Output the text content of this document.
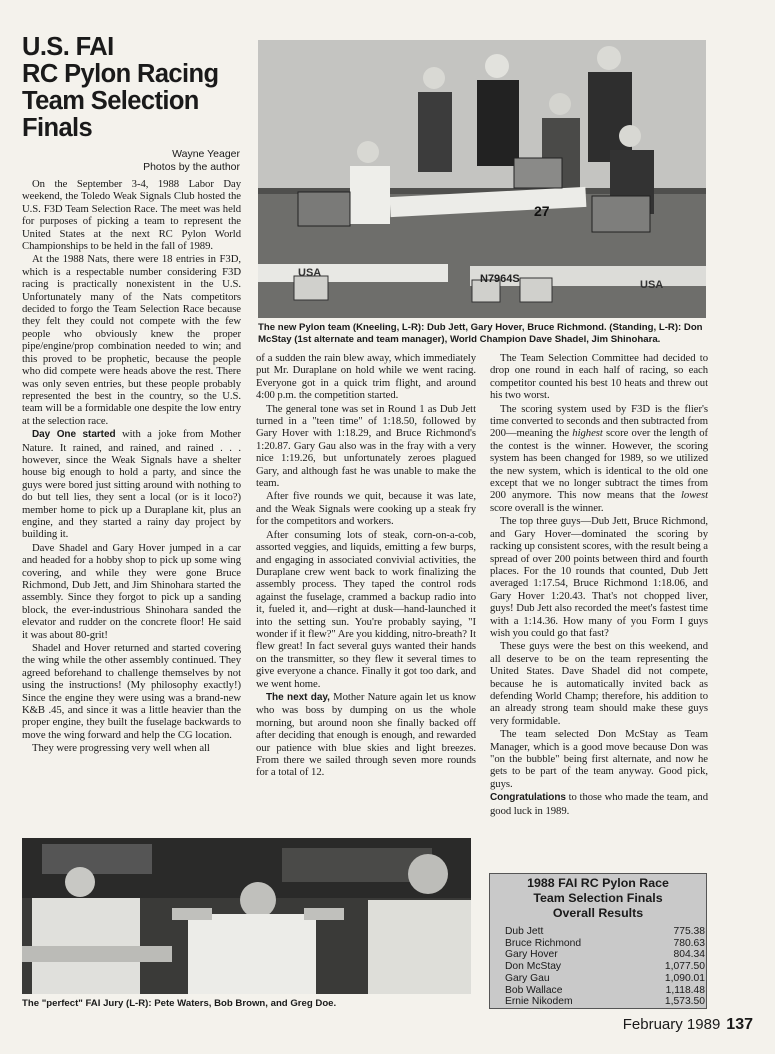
U.S. FAI
RC Pylon Racing
Team Selection
Finals
Wayne Yeager
Photos by the author
USA	N7964S
27
USA

The new Pylon team (Kneeling, L-R): Dub Jett, Gary Hover, Bruce Richmond. (Standing, L-R): Don McStay (1st alternate and team manager), World Champion Dave Shadel, Jim Shinohara.

On the September 3-4, 1988 Labor Day weekend, the Toledo Weak Signals Club hosted the U.S. F3D Team Selection Race. The meet was held for purposes of picking a team to represent the United States at the next RC Pylon World Championships to be held in the fall of 1989.

At the 1988 Nats, there were 18 entries in F3D, which is a respectable number considering F3D racing is practically nonexistent in the U.S. Unfortunately many of the Nats competitors decided to forgo the Team Selection Race because they felt they could not compete with the few people who obviously knew the proper pipe/engine/prop combination needed to win; and this proved to be prophetic, because the people who did compete were heads above the rest. There was only seven entries, but these people probably represented the best in the country, so the U.S. team will be a formidable one despite the low entry at the selection race.

Day One started with a joke from Mother Nature. It rained, and rained, and rained . . . however, since the Weak Signals have a shelter house big enough to hold a party, and since the guys were bored just sitting around with nothing to do but tell lies, they sent a local (or is it loco?) member home to pick up a Duraplane kit, plus an engine, and they started a rainy day project by building it.

Dave Shadel and Gary Hover jumped in a car and headed for a hobby shop to pick up some wing covering, and while they were gone Bruce Richmond, Dub Jett, and Jim Shinohara started the assembly. Since they forgot to pick up a sanding block, the ever-industrious Shinohara sanded the elevator and rudder on the concrete floor! He said it was about 80-grit!

Shadel and Hover returned and started covering the wing while the other assembly continued. They agreed beforehand to challenge themselves by not using the instructions! (My philosophy exactly!) Since the engine they were using was a brand-new K&B .45, and since it was a little heavier than the proper engine, they built the fuselage backwards to move the wing forward and help the CG location.

They were progressing very well when all

of a sudden the rain blew away, which immediately put Mr. Duraplane on hold while we went racing. Everyone got in a quick trim flight, and around 4:00 p.m. the competition started.

The general tone was set in Round 1 as Dub Jett turned in a "teen time" of 1:18.50, followed by Gary Hover with 1:18.29, and Bruce Richmond's 1:20.87. Gary Gau also was in the fray with a very nice 1:19.26, but unfortunately zeroes plagued Gary, and although fast he was unable to make the team.

After five rounds we quit, because it was late, and the Weak Signals were cooking up a steak fry for the competitors and workers.

After consuming lots of steak, corn-on-a-cob, assorted veggies, and liquids, emitting a few burps, and engaging in associated convivial activities, the Duraplane crew went back to work finalizing the assembly process. They taped the control rods against the fuselage, crammed a backup radio into it, fueled it, and—right at dusk—hand-launched it into the setting sun. You're probably saying, "I wonder if it flew?" Are you kidding, nitro-breath? It flew great! In fact several guys wanted their hands on the transmitter, so they flew it several times to give everyone a chance. Finally it got too dark, and we went home.

The next day, Mother Nature again let us know who was boss by dumping on us the whole morning, but around noon she finally backed off after deciding that enough is enough, and rewarded our patience with blue skies and light breezes. From there we sailed through seven more rounds for a total of 12.

The Team Selection Committee had decided to drop one round in each half of racing, so each competitor counted his best 10 heats and threw out his two worst.

The scoring system used by F3D is the flier's time converted to seconds and then subtracted from 200—meaning the highest score over the length of the contest is the winner. However, the scoring system has been changed for 1989, so we utilized the new system, which is identical to the old one except that we no longer subtract the times from 200 anymore. This now means that the lowest score overall is the winner.

The top three guys—Dub Jett, Bruce Richmond, and Gary Hover—dominated the scoring by racking up consistent scores, with the result being a spread of over 200 points between third and fourth places. For the 10 rounds that counted, Dub Jett averaged 1:17.54, Bruce Richmond 1:18.06, and Gary Hover 1:20.43. That's not chopped liver, guys! Dub Jett also recorded the meet's fastest time with a 1:14.36. How many of you Form I guys wish you could go that fast?

These guys were the best on this weekend, and all deserve to be on the team representing the United States. Dave Shadel did not compete, because he is automatically invited back as defending World Champ; therefore, his addition to an already strong team should make these guys very formidable.

The team selected Don McStay as Team Manager, which is a good move because Don was "on the bubble" being first alternate, and now he gets to be part of the team anyway. Good pick, guys.

Congratulations to those who made the team, and good luck in 1989.

The "perfect" FAI Jury (L-R): Pete Waters, Bob Brown, and Greg Doe.

1988 FAI RC Pylon Race
Team Selection Finals
Overall Results
Dub Jett	775.38
Bruce Richmond	780.63
Gary Hover	804.34
Don McStay	1,077.50
Gary Gau	1,090.01
Bob Wallace	1,118.48
Ernie Nikodem	1,573.50
February 1989 137
